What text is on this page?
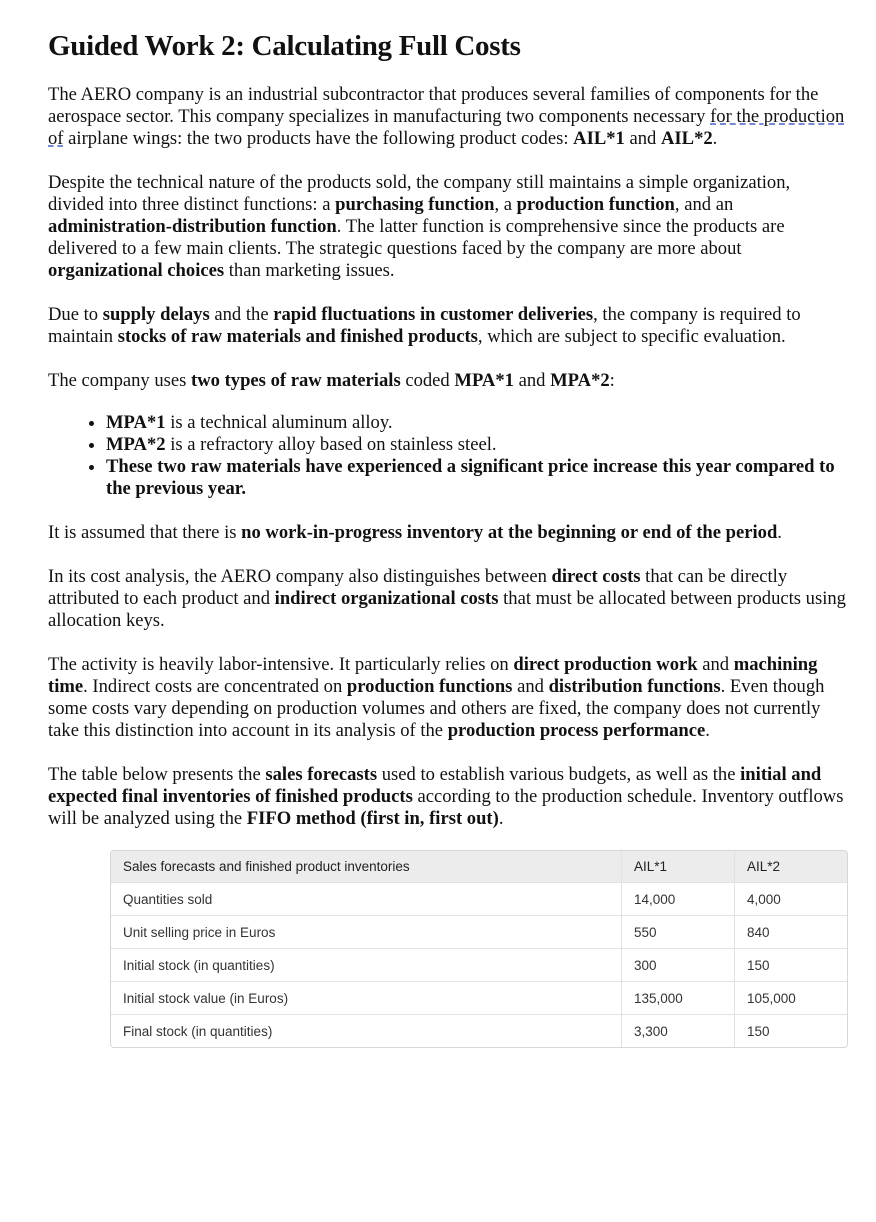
Guided Work 2: Calculating Full Costs

The AERO company is an industrial subcontractor that produces several families of components for the aerospace sector. This company specializes in manufacturing two components necessary for the production of airplane wings: the two products have the following product codes: AIL*1 and AIL*2.

Despite the technical nature of the products sold, the company still maintains a simple organization, divided into three distinct functions: a purchasing function, a production function, and an administration-distribution function. The latter function is comprehensive since the products are delivered to a few main clients. The strategic questions faced by the company are more about organizational choices than marketing issues.

Due to supply delays and the rapid fluctuations in customer deliveries, the company is required to maintain stocks of raw materials and finished products, which are subject to specific evaluation.

The company uses two types of raw materials coded MPA*1 and MPA*2:

• MPA*1 is a technical aluminum alloy.
• MPA*2 is a refractory alloy based on stainless steel.
• These two raw materials have experienced a significant price increase this year compared to the previous year.

It is assumed that there is no work-in-progress inventory at the beginning or end of the period.

In its cost analysis, the AERO company also distinguishes between direct costs that can be directly attributed to each product and indirect organizational costs that must be allocated between products using allocation keys.

The activity is heavily labor-intensive. It particularly relies on direct production work and machining time. Indirect costs are concentrated on production functions and distribution functions. Even though some costs vary depending on production volumes and others are fixed, the company does not currently take this distinction into account in its analysis of the production process performance.

The table below presents the sales forecasts used to establish various budgets, as well as the initial and expected final inventories of finished products according to the production schedule. Inventory outflows will be analyzed using the FIFO method (first in, first out).

Sales forecasts and finished product inventories	AIL*1	AIL*2
Quantities sold	14,000	4,000
Unit selling price in Euros	550	840
Initial stock (in quantities)	300	150
Initial stock value (in Euros)	135,000	105,000
Final stock (in quantities)	3,300	150
